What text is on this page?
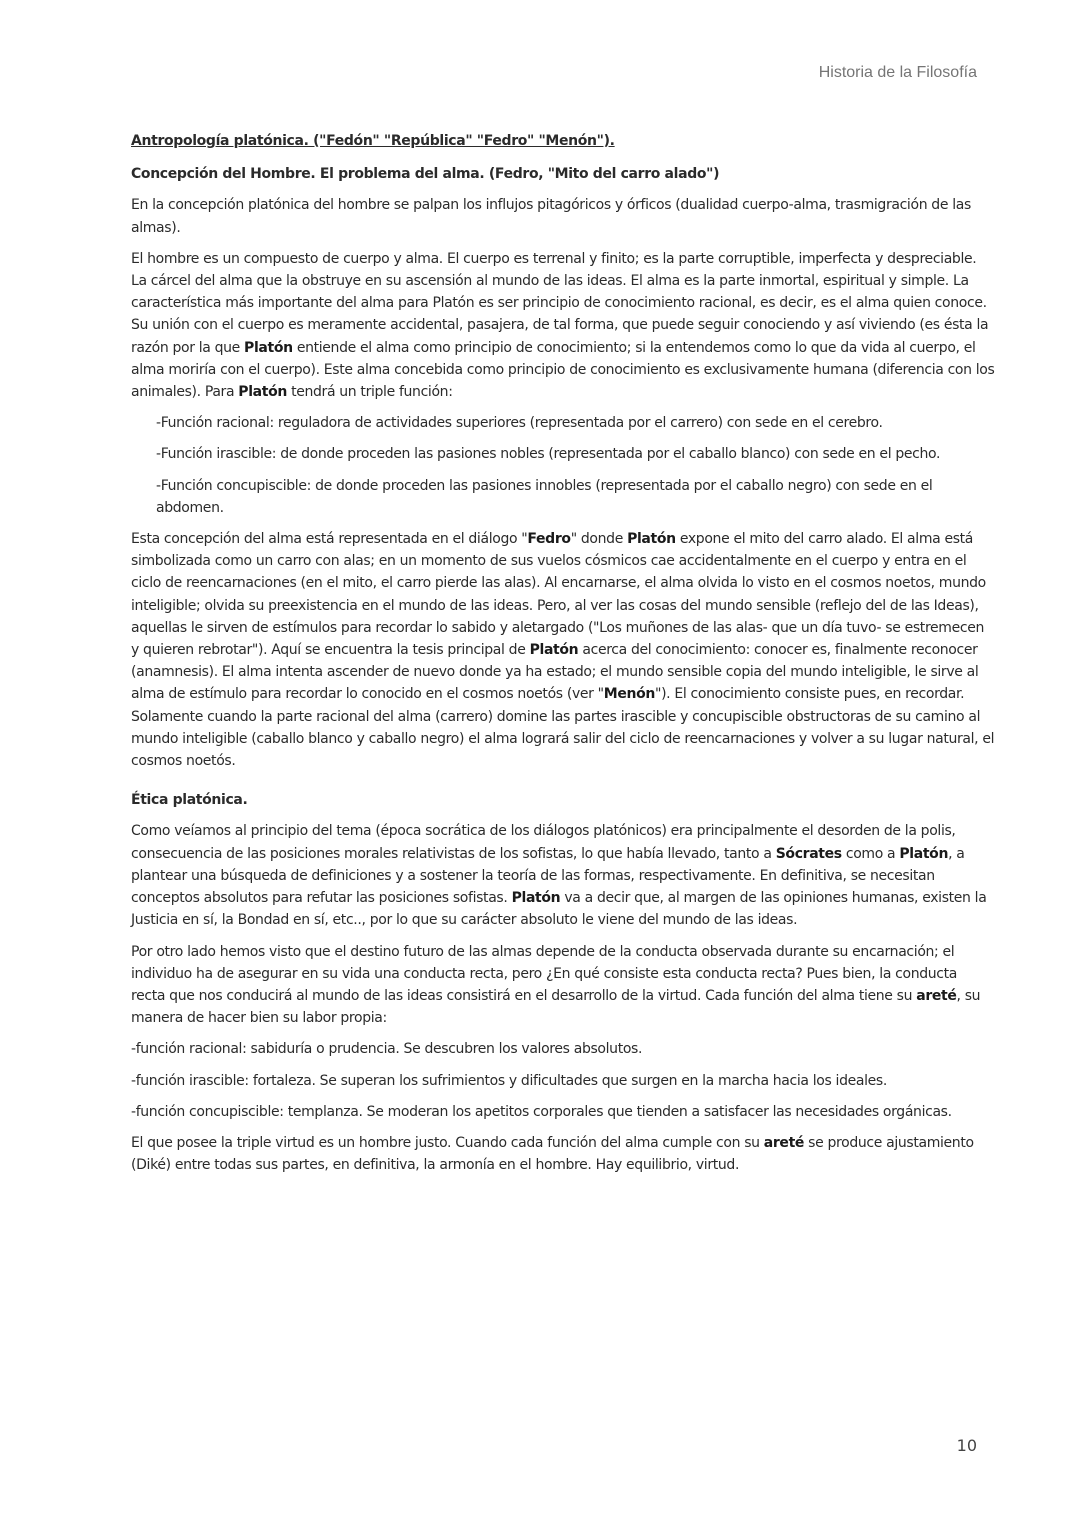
Historia de la Filosofía

Antropología platónica. ("Fedón" "República" "Fedro" "Menón").

Concepción del Hombre. El problema del alma. (Fedro, "Mito del carro alado")

En la concepción platónica del hombre se palpan los influjos pitagóricos y órficos (dualidad cuerpo-alma, trasmigración de las almas).

El hombre es un compuesto de cuerpo y alma. El cuerpo es terrenal y finito; es la parte corruptible, imperfecta y despreciable. La cárcel del alma que la obstruye en su ascensión al mundo de las ideas. El alma es la parte inmortal, espiritual y simple. La característica más importante del alma para Platón es ser principio de conocimiento racional, es decir, es el alma quien conoce. Su unión con el cuerpo es meramente accidental, pasajera, de tal forma, que puede seguir conociendo y así viviendo (es ésta la razón por la que Platón entiende el alma como principio de conocimiento; si la entendemos como lo que da vida al cuerpo, el alma moriría con el cuerpo). Este alma concebida como principio de conocimiento es exclusivamente humana (diferencia con los animales). Para Platón tendrá un triple función:

-Función racional: reguladora de actividades superiores (representada por el carrero) con sede en el cerebro.

-Función irascible: de donde proceden las pasiones nobles (representada por el caballo blanco) con sede en el pecho.

-Función concupiscible: de donde proceden las pasiones innobles (representada por el caballo negro) con sede en el abdomen.

Esta concepción del alma está representada en el diálogo "Fedro" donde Platón expone el mito del carro alado. El alma está simbolizada como un carro con alas; en un momento de sus vuelos cósmicos cae accidentalmente en el cuerpo y entra en el ciclo de reencarnaciones (en el mito, el carro pierde las alas). Al encarnarse, el alma olvida lo visto en el cosmos noetos, mundo inteligible; olvida su preexistencia en el mundo de las ideas. Pero, al ver las cosas del mundo sensible (reflejo del de las Ideas), aquellas le sirven de estímulos para recordar lo sabido y aletargado ("Los muñones de las alas- que un día tuvo- se estremecen y quieren rebrotar"). Aquí se encuentra la tesis principal de Platón acerca del conocimiento: conocer es, finalmente reconocer (anamnesis). El alma intenta ascender de nuevo donde ya ha estado; el mundo sensible copia del mundo inteligible, le sirve al alma de estímulo para recordar lo conocido en el cosmos noetós (ver "Menón"). El conocimiento consiste pues, en recordar. Solamente cuando la parte racional del alma (carrero) domine las partes irascible y concupiscible obstructoras de su camino al mundo inteligible (caballo blanco y caballo negro) el alma logrará salir del ciclo de reencarnaciones y volver a su lugar natural, el cosmos noetós.

Ética platónica.

Como veíamos al principio del tema (época socrática de los diálogos platónicos) era principalmente el desorden de la polis, consecuencia de las posiciones morales relativistas de los sofistas, lo que había llevado, tanto a Sócrates como a Platón, a plantear una búsqueda de definiciones y a sostener la teoría de las formas, respectivamente. En definitiva, se necesitan conceptos absolutos para refutar las posiciones sofistas. Platón va a decir que, al margen de las opiniones humanas, existen la Justicia en sí, la Bondad en sí, etc.., por lo que su carácter absoluto le viene del mundo de las ideas.

Por otro lado hemos visto que el destino futuro de las almas depende de la conducta observada durante su encarnación; el individuo ha de asegurar en su vida una conducta recta, pero ¿En qué consiste esta conducta recta? Pues bien, la conducta recta que nos conducirá al mundo de las ideas consistirá en el desarrollo de la virtud. Cada función del alma tiene su areté, su manera de hacer bien su labor propia:

-función racional: sabiduría o prudencia. Se descubren los valores absolutos.

-función irascible: fortaleza. Se superan los sufrimientos y dificultades que surgen en la marcha hacia los ideales.

-función concupiscible: templanza. Se moderan los apetitos corporales que tienden a satisfacer las necesidades orgánicas.

El que posee la triple virtud es un hombre justo. Cuando cada función del alma cumple con su areté se produce ajustamiento (Diké) entre todas sus partes, en definitiva, la armonía en el hombre. Hay equilibrio, virtud.

10
